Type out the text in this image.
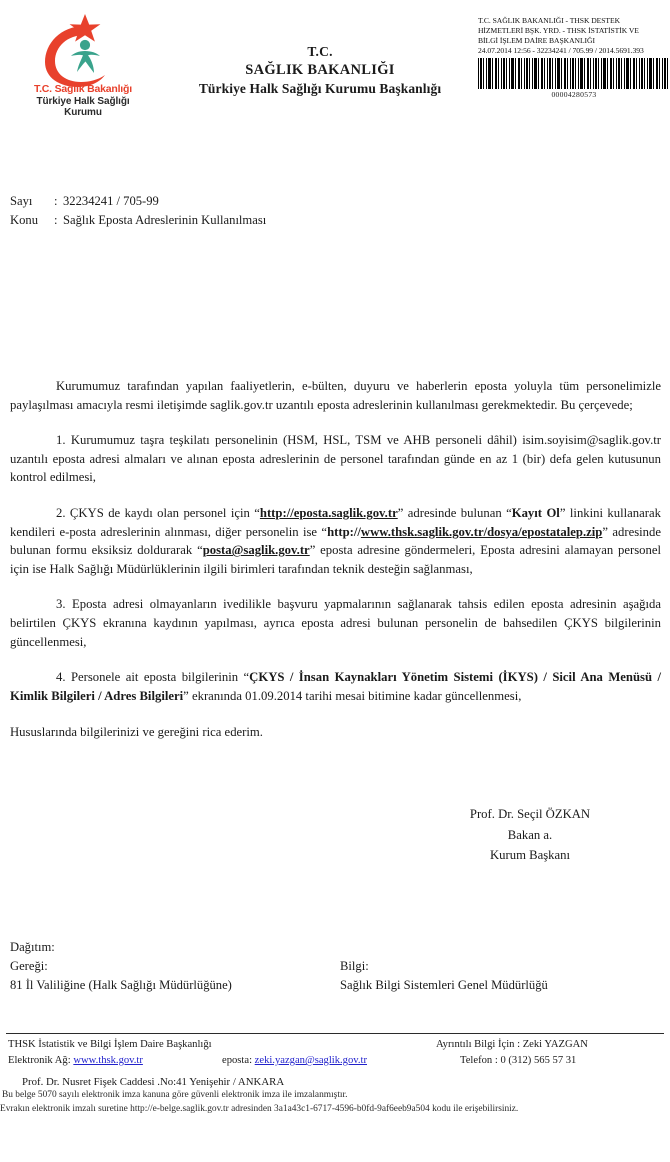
T.C. Sağlık Bakanlığı
Türkiye Halk Sağlığı
Kurumu
T.C.
SAĞLIK BAKANLIĞI
Türkiye Halk Sağlığı Kurumu Başkanlığı
T.C. SAĞLIK BAKANLIĞI - THSK DESTEK
HİZMETLERİ BŞK. YRD. - THSK İSTATİSTİK VE
BİLGİ İŞLEM DAİRE BAŞKANLIĞI
24.07.2014 12:56 - 32234241 / 705.99 / 2014.5691.393
00004280573
Sayı : 32234241 / 705-99
Konu : Sağlık Eposta Adreslerinin Kullanılması

Kurumumuz tarafından yapılan faaliyetlerin, e-bülten, duyuru ve haberlerin eposta yoluyla tüm personelimizle paylaşılması amacıyla resmi iletişimde saglik.gov.tr uzantılı eposta adreslerinin kullanılması gerekmektedir. Bu çerçevede;

1. Kurumumuz taşra teşkilatı personelinin (HSM, HSL, TSM ve AHB personeli dâhil) isim.soyisim@saglik.gov.tr uzantılı eposta adresi almaları ve alınan eposta adreslerinin de personel tarafından günde en az 1 (bir) defa gelen kutusunun kontrol edilmesi,

2. ÇKYS de kaydı olan personel için “http://eposta.saglik.gov.tr” adresinde bulunan “Kayıt Ol” linkini kullanarak kendileri e-posta adreslerinin alınması, diğer personelin ise “http://www.thsk.saglik.gov.tr/dosya/epostatalep.zip” adresinde bulunan formu eksiksiz doldurarak “posta@saglik.gov.tr” eposta adresine göndermeleri, Eposta adresini alamayan personel için ise Halk Sağlığı Müdürlüklerinin ilgili birimleri tarafından teknik desteğin sağlanması,

3. Eposta adresi olmayanların ivedilikle başvuru yapmalarının sağlanarak tahsis edilen eposta adresinin aşağıda belirtilen ÇKYS ekranına kaydının yapılması, ayrıca eposta adresi bulunan personelin de bahsedilen ÇKYS bilgilerinin güncellenmesi,

4. Personele ait eposta bilgilerinin “ÇKYS / İnsan Kaynakları Yönetim Sistemi (İKYS) / Sicil Ana Menüsü / Kimlik Bilgileri / Adres Bilgileri” ekranında 01.09.2014 tarihi mesai bitimine kadar güncellenmesi,

Hususlarında bilgilerinizi ve gereğini rica ederim.

Prof. Dr. Seçil ÖZKAN
Bakan a.
Kurum Başkanı
Dağıtım:
Gereği:
81 İl Valiliğine (Halk Sağlığı Müdürlüğüne)
Bilgi:
Sağlık Bilgi Sistemleri Genel Müdürlüğü
THSK İstatistik ve Bilgi İşlem Daire Başkanlığı	Ayrıntılı Bilgi İçin : Zeki YAZGAN
Elektronik Ağ: www.thsk.gov.tr	eposta: zeki.yazgan@saglik.gov.tr	Telefon : 0 (312) 565 57 31
Prof. Dr. Nusret Fişek Caddesi .No:41 Yenişehir / ANKARA
Bu belge 5070 sayılı elektronik imza kanuna göre güvenli elektronik imza ile imzalanmıştır.
Evrakın elektronik imzalı suretine http://e-belge.saglik.gov.tr adresinden 3a1a43c1-6717-4596-b0fd-9af6eeb9a504 kodu ile erişebilirsiniz.
